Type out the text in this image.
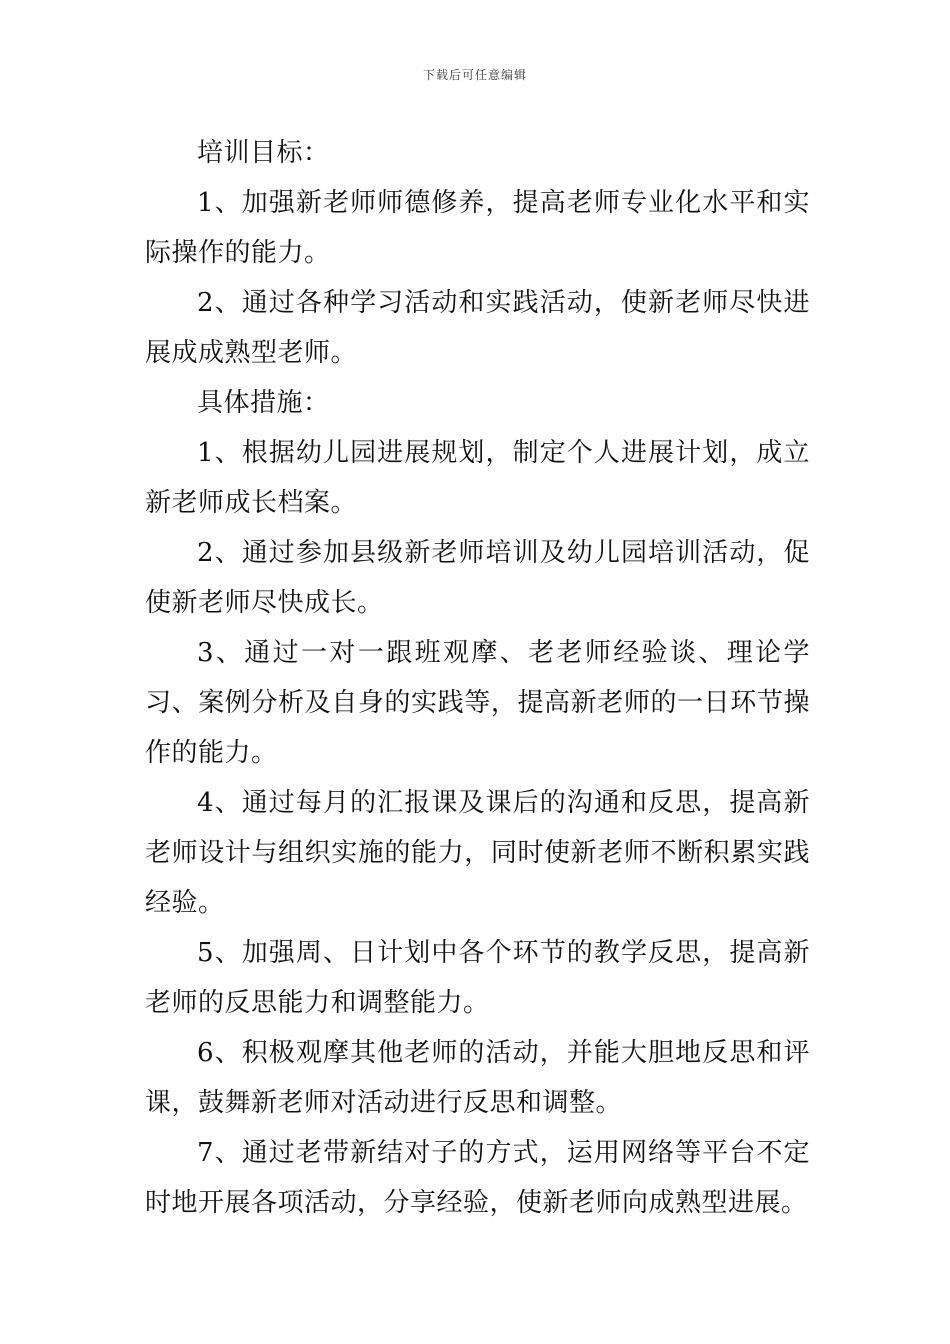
下载后可任意编辑

培训目标：

1、加强新老师师德修养，提高老师专业化水平和实际操作的能力。

2、通过各种学习活动和实践活动，使新老师尽快进展成成熟型老师。

具体措施：

1、根据幼儿园进展规划，制定个人进展计划，成立新老师成长档案。

2、通过参加县级新老师培训及幼儿园培训活动，促使新老师尽快成长。

3、通过一对一跟班观摩、老老师经验谈、理论学习、案例分析及自身的实践等，提高新老师的一日环节操作的能力。

4、通过每月的汇报课及课后的沟通和反思，提高新老师设计与组织实施的能力，同时使新老师不断积累实践经验。

5、加强周、日计划中各个环节的教学反思，提高新老师的反思能力和调整能力。

6、积极观摩其他老师的活动，并能大胆地反思和评课，鼓舞新老师对活动进行反思和调整。

7、通过老带新结对子的方式，运用网络等平台不定时地开展各项活动，分享经验，使新老师向成熟型进展。
